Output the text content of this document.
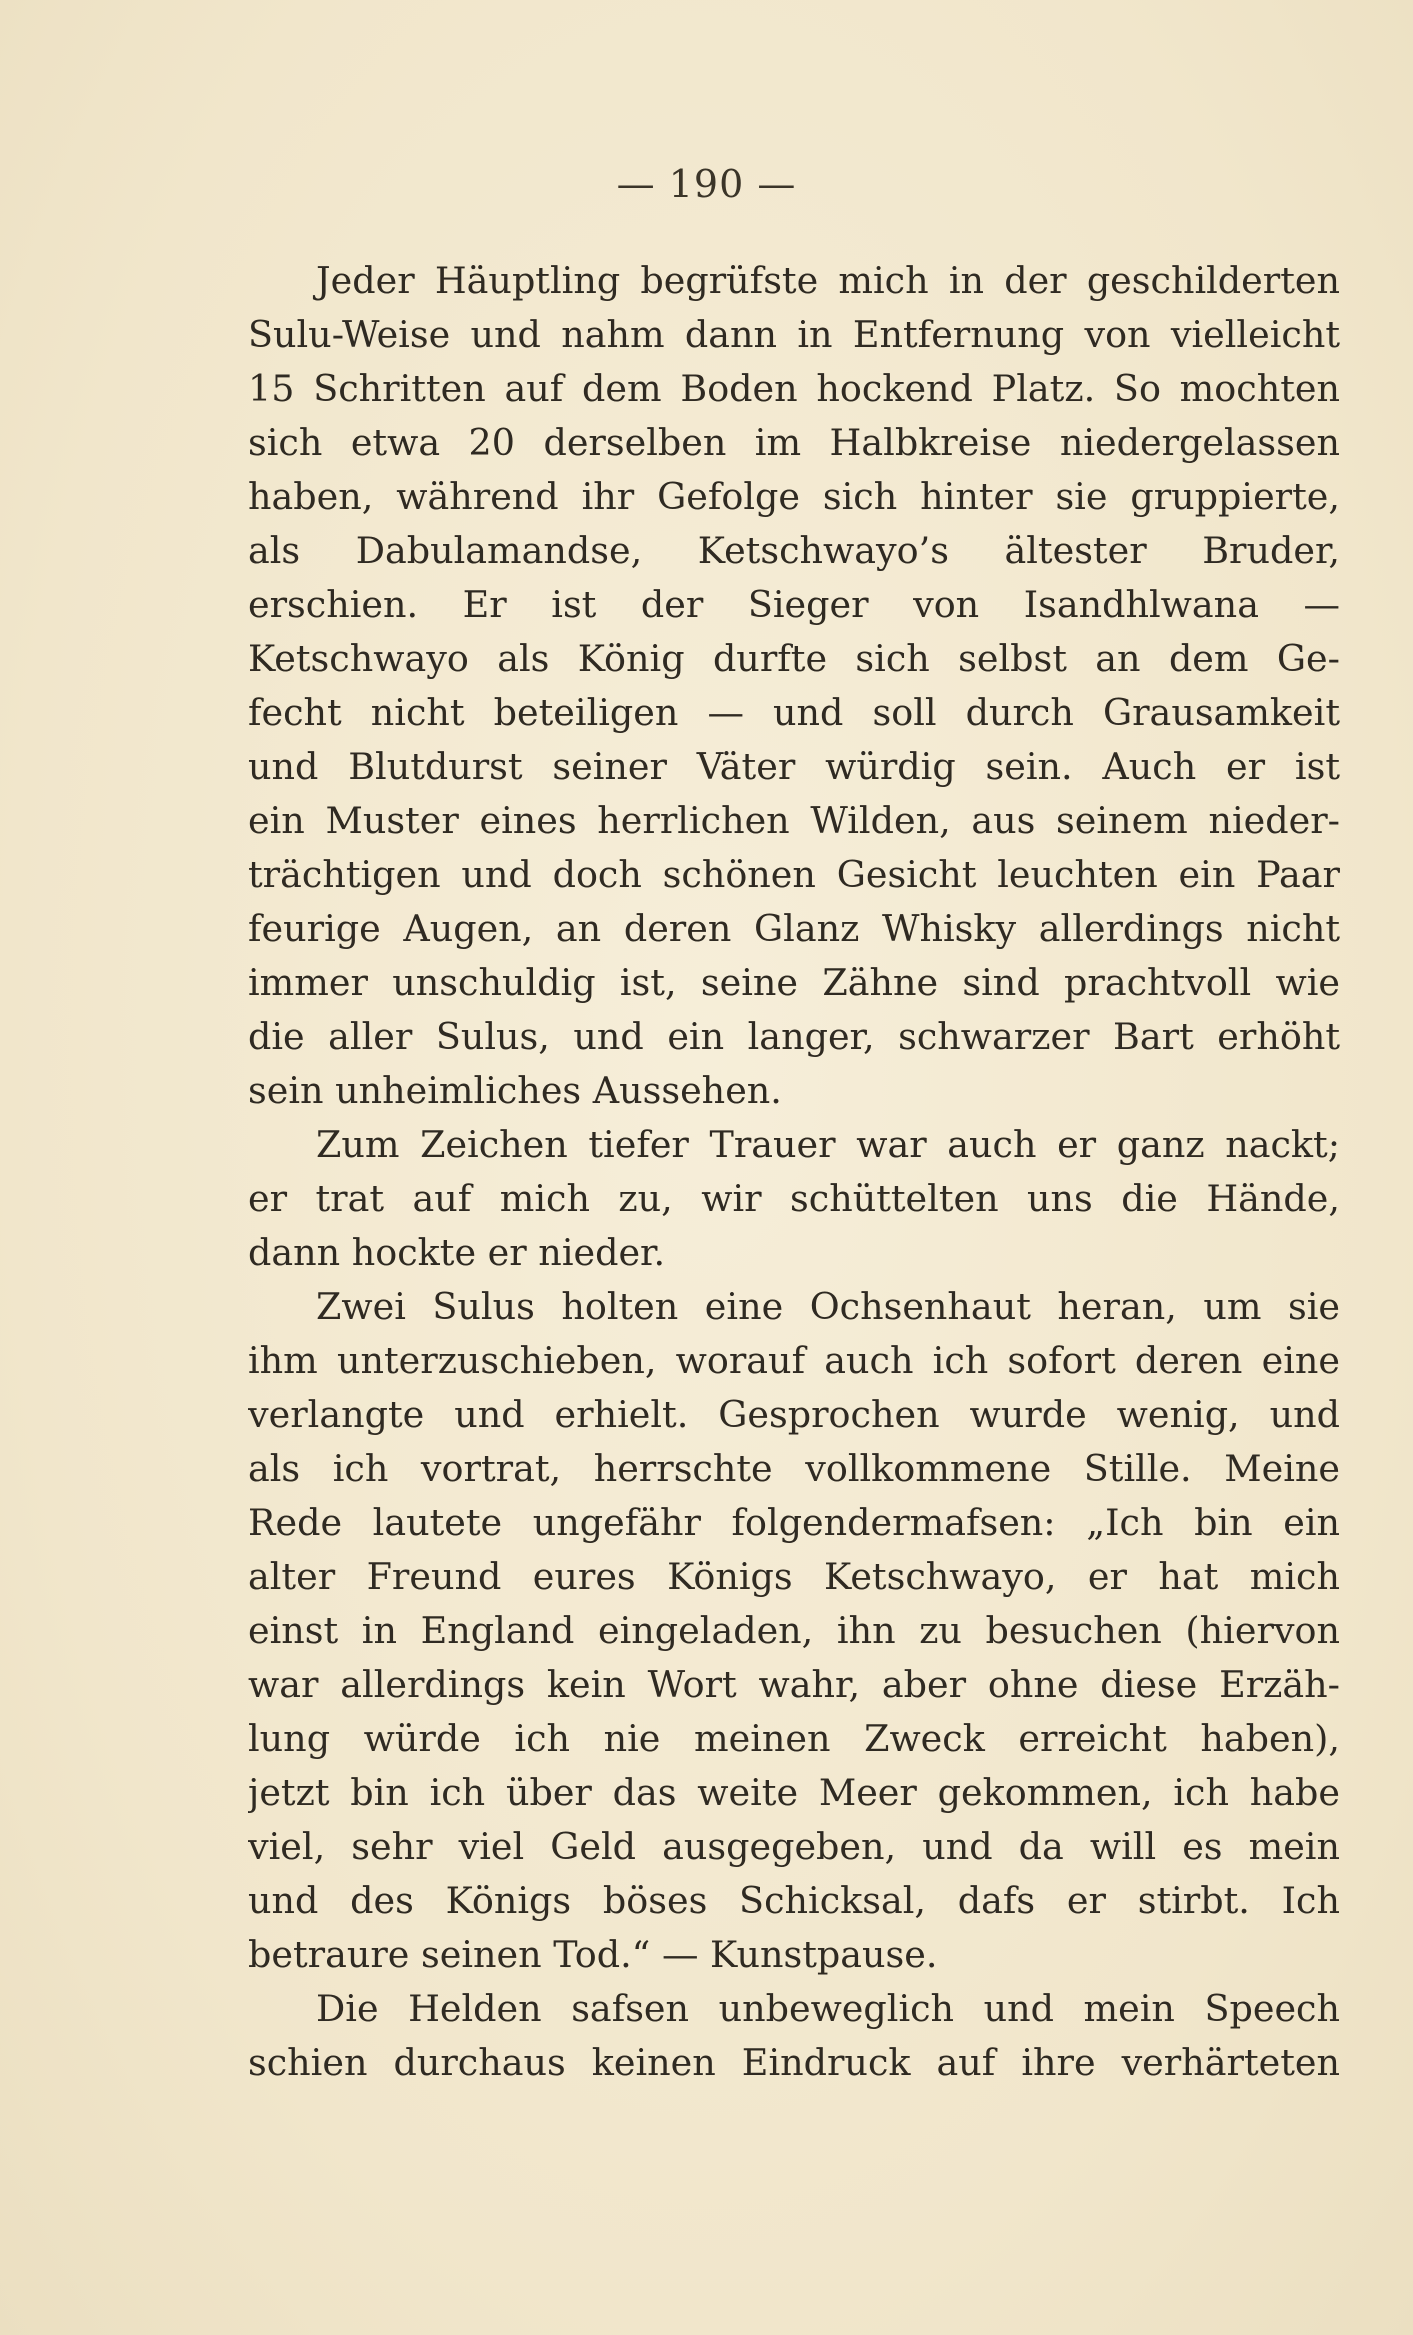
— 190 —
Jeder Häuptling begrüfste mich in der geschilderten
Sulu-Weise und nahm dann in Entfernung von vielleicht
15 Schritten auf dem Boden hockend Platz. So mochten
sich etwa 20 derselben im Halbkreise niedergelassen
haben, während ihr Gefolge sich hinter sie gruppierte,
als Dabulamandse, Ketschwayo’s ältester Bruder,
erschien. Er ist der Sieger von Isandhlwana —
Ketschwayo als König durfte sich selbst an dem Ge-
fecht nicht beteiligen — und soll durch Grausamkeit
und Blutdurst seiner Väter würdig sein. Auch er ist
ein Muster eines herrlichen Wilden, aus seinem nieder-
trächtigen und doch schönen Gesicht leuchten ein Paar
feurige Augen, an deren Glanz Whisky allerdings nicht
immer unschuldig ist, seine Zähne sind prachtvoll wie
die aller Sulus, und ein langer, schwarzer Bart erhöht
sein unheimliches Aussehen.
Zum Zeichen tiefer Trauer war auch er ganz nackt;
er trat auf mich zu, wir schüttelten uns die Hände,
dann hockte er nieder.
Zwei Sulus holten eine Ochsenhaut heran, um sie
ihm unterzuschieben, worauf auch ich sofort deren eine
verlangte und erhielt. Gesprochen wurde wenig, und
als ich vortrat, herrschte vollkommene Stille. Meine
Rede lautete ungefähr folgendermafsen: „Ich bin ein
alter Freund eures Königs Ketschwayo, er hat mich
einst in England eingeladen, ihn zu besuchen (hiervon
war allerdings kein Wort wahr, aber ohne diese Erzäh-
lung würde ich nie meinen Zweck erreicht haben),
jetzt bin ich über das weite Meer gekommen, ich habe
viel, sehr viel Geld ausgegeben, und da will es mein
und des Königs böses Schicksal, dafs er stirbt. Ich
betraure seinen Tod.“ — Kunstpause.
Die Helden safsen unbeweglich und mein Speech
schien durchaus keinen Eindruck auf ihre verhärteten
